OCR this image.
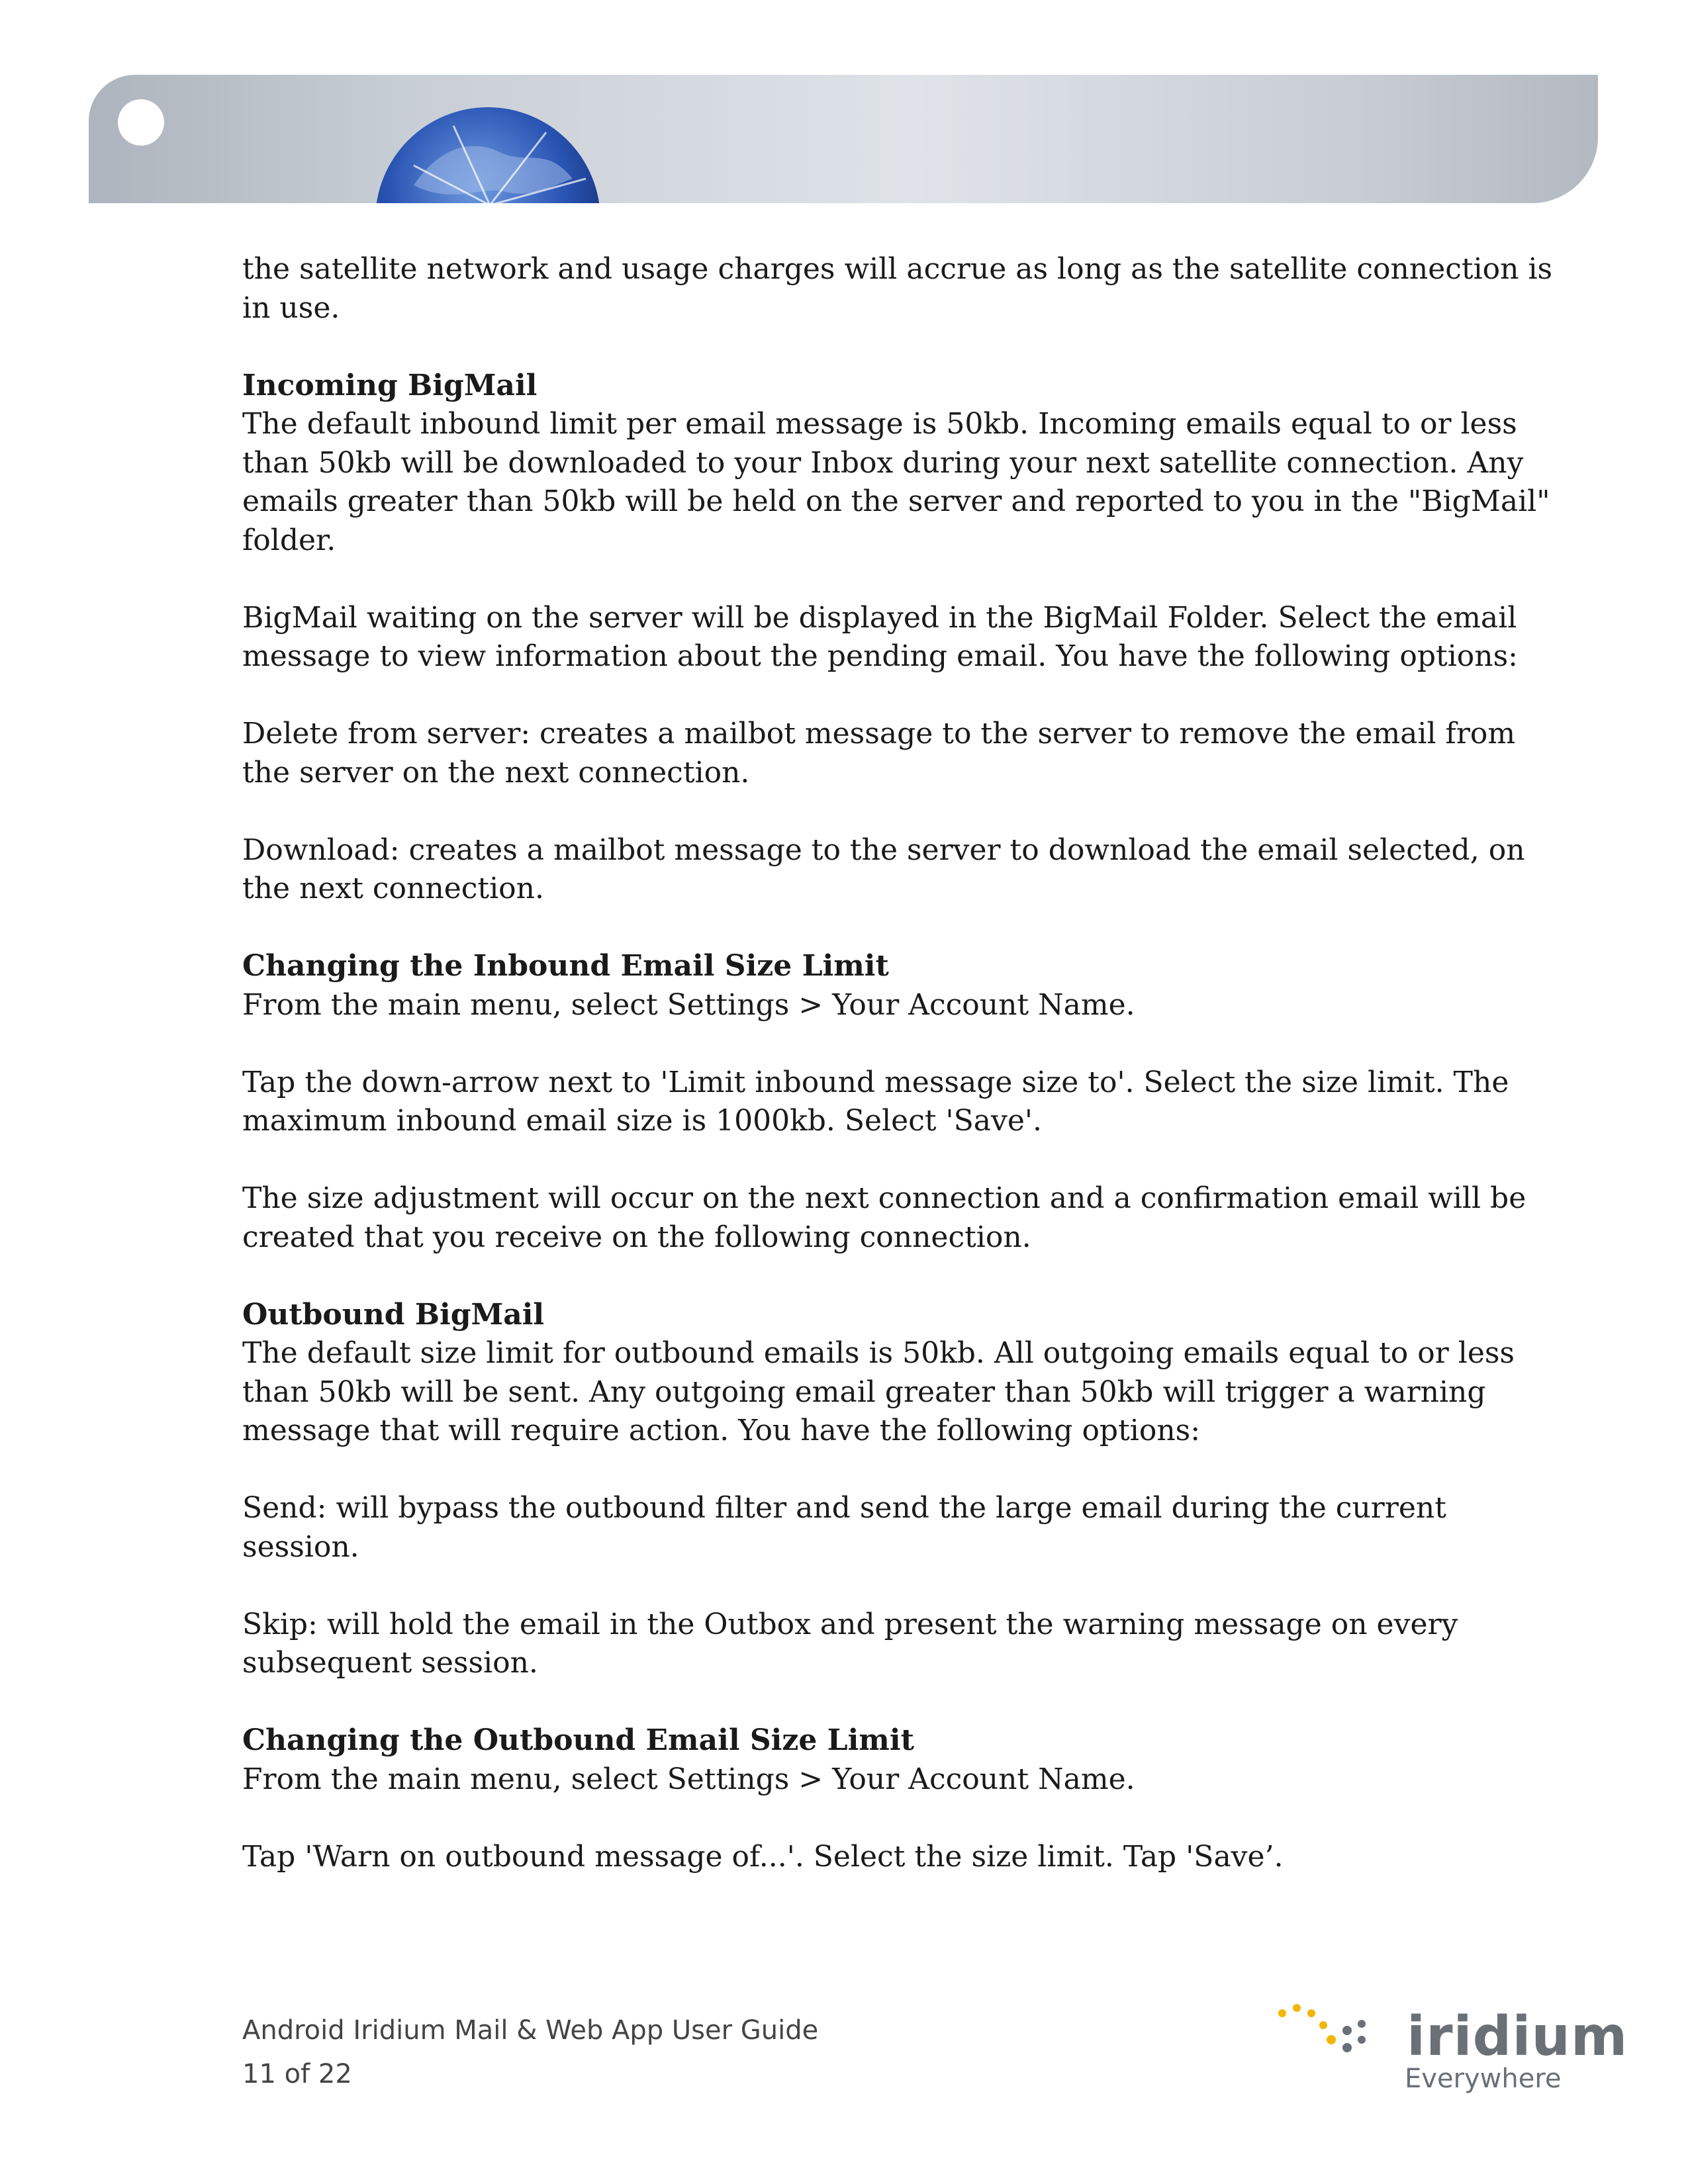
the satellite network and usage charges will accrue as long as the satellite connection is in use.

Incoming BigMail
The default inbound limit per email message is 50kb. Incoming emails equal to or less than 50kb will be downloaded to your Inbox during your next satellite connection. Any emails greater than 50kb will be held on the server and reported to you in the "BigMail" folder.

BigMail waiting on the server will be displayed in the BigMail Folder. Select the email message to view information about the pending email. You have the following options:

Delete from server: creates a mailbot message to the server to remove the email from the server on the next connection.

Download: creates a mailbot message to the server to download the email selected, on the next connection.

Changing the Inbound Email Size Limit
From the main menu, select Settings > Your Account Name.

Tap the down-arrow next to 'Limit inbound message size to'. Select the size limit. The maximum inbound email size is 1000kb. Select 'Save'.

The size adjustment will occur on the next connection and a confirmation email will be created that you receive on the following connection.

Outbound BigMail
The default size limit for outbound emails is 50kb. All outgoing emails equal to or less than 50kb will be sent. Any outgoing email greater than 50kb will trigger a warning message that will require action. You have the following options:

Send: will bypass the outbound filter and send the large email during the current session.

Skip: will hold the email in the Outbox and present the warning message on every subsequent session.

Changing the Outbound Email Size Limit
From the main menu, select Settings > Your Account Name.

Tap 'Warn on outbound message of...'. Select the size limit. Tap 'Save’.

Android Iridium Mail & Web App User Guide
11 of 22
iridium
Everywhere
